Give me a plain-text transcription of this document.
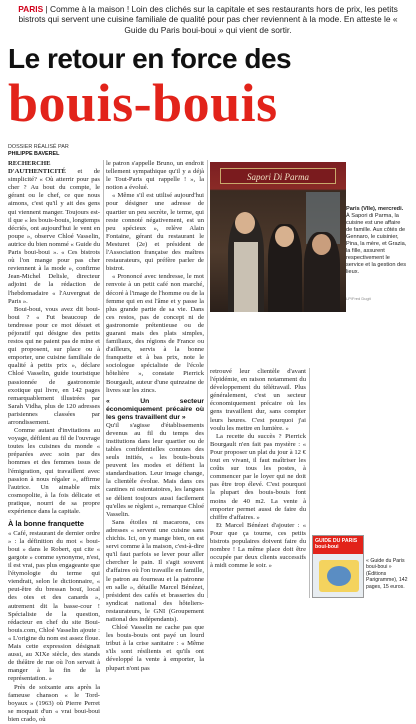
PARIS | Comme à la maison ! Loin des clichés sur la capitale et ses restaurants hors de prix, les petits bistrots qui servent une cuisine familiale de qualité pour pas cher reviennent à la mode. En atteste le « Guide du Paris boui-boui » qui vient de sortir.
Le retour en force des
bouis-bouis
DOSSIER RÉALISÉ PAR
PHILIPPE BAVEREL

RECHERCHE D'AUTHENTICITÉ et de simplicité? « Où atterrir pour pas cher ? Au bout du compte, le gérant ou le chef, ce que nous aimons, c'est qu'il y ait des gens qui viennent manger. Toujours est-il que « les bouis-bouis, longtemps décriés, ont aujourd'hui le vent en poupe », observe Chloé Vasselin, autrice du bien nommé « Guide du Paris boui-boui ». « Ces bistrots où l'on mange pour pas cher reviennent à la mode », confirme Jean-Michel Delisle, directeur adjoint de la rédaction de l'hebdomadaire « l'Auvergnat de Paris ».

Boui-boui, vous avez dit boui-boui ? « Fut beaucoup de tendresse pour ce mot désuet et péjoratif qui désigne des petits restos qui ne paient pas de mine et qui proposent, sur place ou à emporter, une cuisine familiale de qualité à petits prix », déclare Chloé Vasselin, guide touristique passionnée de gastronomie exotique qui livre, en 142 pages remarquablement illustrées par Sarah Vidha, plus de 120 adresses parisiennes classées par arrondissement.

Comme autant d'invitations au voyage, défilent au fil de l'ouvrage toutes les cuisines du monde « préparées avec soin par des hommes et des femmes issus de l'émigration, qui travaillent avec passion à nous régaler », affirme l'autrice. Un aimable mix cosmopolite, à la fois délicate et pratique, nourri de sa propre expérience dans la capitale.

À la bonne franquette

« Café, restaurant de dernier ordre » : la définition du mot « boui-boui » dans le Robert, qui cite « gargote » comme synonyme, n'est, il est vrai, pas plus engageante que l'étymologie du terme qui viendrait, selon le dictionnaire, « peut-être du bressan bouï, local des oies et des canards », autrement dit la basse-cour ! Spécialiste de la question, rédacteur en chef du site Boui-bouis.com, Chloé Vasselin ajoute : « L'origine du nom est assez floue. Mais cette expression désignait aussi, au XIXe siècle, des stands de théâtre de rue où l'on servait à manger à la fin de la représentation. »

Près de soixante ans après la fameuse chanson « le Tord-boyaux » (1963) où Pierre Perret se moquait d'un « vrai boui-boui bien crado, où

le patron s'appelle Bruno, un endroit tellement sympathique qu'il y a déjà le Tout-Paris qui rappelle ! », la notion a évolué.

« Même s'il est utilisé aujourd'hui pour désigner une adresse de quartier un peu secrète, le terme, qui reste connoté négativement, est un peu spécieux », relève Alain Fontaine, gérant du restaurant le Mesturet (2e) et président de l'Association française des maîtres restaurateurs, qui préfère parler de bistrot.

« Prononcé avec tendresse, le mot renvoie à un petit café non marché, décoré à l'image de l'homme ou de la femme qui en est l'âme et y passe la plus grande partie de sa vie. Dans ces restos, pas de concept ni de gastronomie prétentieuse ou de guarani mais des plats simples, familiaux, des régions de France ou d'ailleurs, servis à la bonne franquette et à bas prix, note le sociologue spécialiste de l'école hôtelière », constate Pierrick Bourgault, auteur d'une quinzaine de livres sur les zincs.

« Un secteur économiquement précaire où les gens travaillent dur »

Qu'il s'agisse d'établissements devenus au fil du temps des institutions dans leur quartier ou de tables confidentielles connues des seuls initiés, « les bouis-bouis peuvent les modes et défient la standardisation. Leur image change, la clientèle évolue. Mais dans ces cantines ni ostentatoires, les langues se délient toujours aussi facilement qu'elles se règlent », remarque Chloé Vasselin.

Sans étoiles ni macarons, ces adresses « servent une cuisine sans chichis. Ici, on y mange bien, on est servi comme à la maison, c'est-à-dire qu'il faut parfois se lever pour aller chercher le pain. Il s'agit souvent d'affaires où l'on travaille en famille, le patron au fourneau et la patronne en salle », détaille Marcel Bénézet, président des cafés et brasseries du syndicat national des hôteliers-restaurateurs, le GNI (Groupement national des indépendants).

Chloé Vasselin ne cache pas que les bouis-bouis ont payé un lourd tribut à la crise sanitaire : « Même s'ils sont résilients et qu'ils ont développé la vente à emporter, la plupart n'ont pas

Sapori Di Parma
Paris (VIIe), mercredi. À Sapori di Parma, la cuisine est une affaire de famille. Aux côtés de Gennaro, le cuisinier, Pina, la mère, et Grazia, la fille, assurent respectivement le service et la gestion des lieux.
LP/Fred Dugit

retrouvé leur clientèle d'avant l'épidémie, en raison notamment du développement du télétravail. Plus généralement, c'est un secteur économiquement précaire où les gens travaillent dur, sans compter leurs heures. C'est pourquoi j'ai voulu les mettre en lumière. »

La recette du succès ? Pierrick Bourgault n'en fait pas mystère : « Pour proposer un plat du jour à 12 € tout en vivant, il faut maîtriser les coûts sur tous les postes, à commencer par le loyer qui ne doit pas être trop élevé. C'est pourquoi la plupart des bouis-bouis font moins de 40 m2. La vente à emporter permet aussi de faire du chiffre d'affaires. »

Et Marcel Bénézet d'ajouter : « Pour que ça tourne, ces petits bistrots populaires doivent faire du nombre ! La même place doit être occupée par deux clients successifs à midi comme le soir. »

GUIDE DU PARIS boui-boui
« Guide du Paris boui-boui » (Éditions Parigramme), 142 pages, 15 euros.
